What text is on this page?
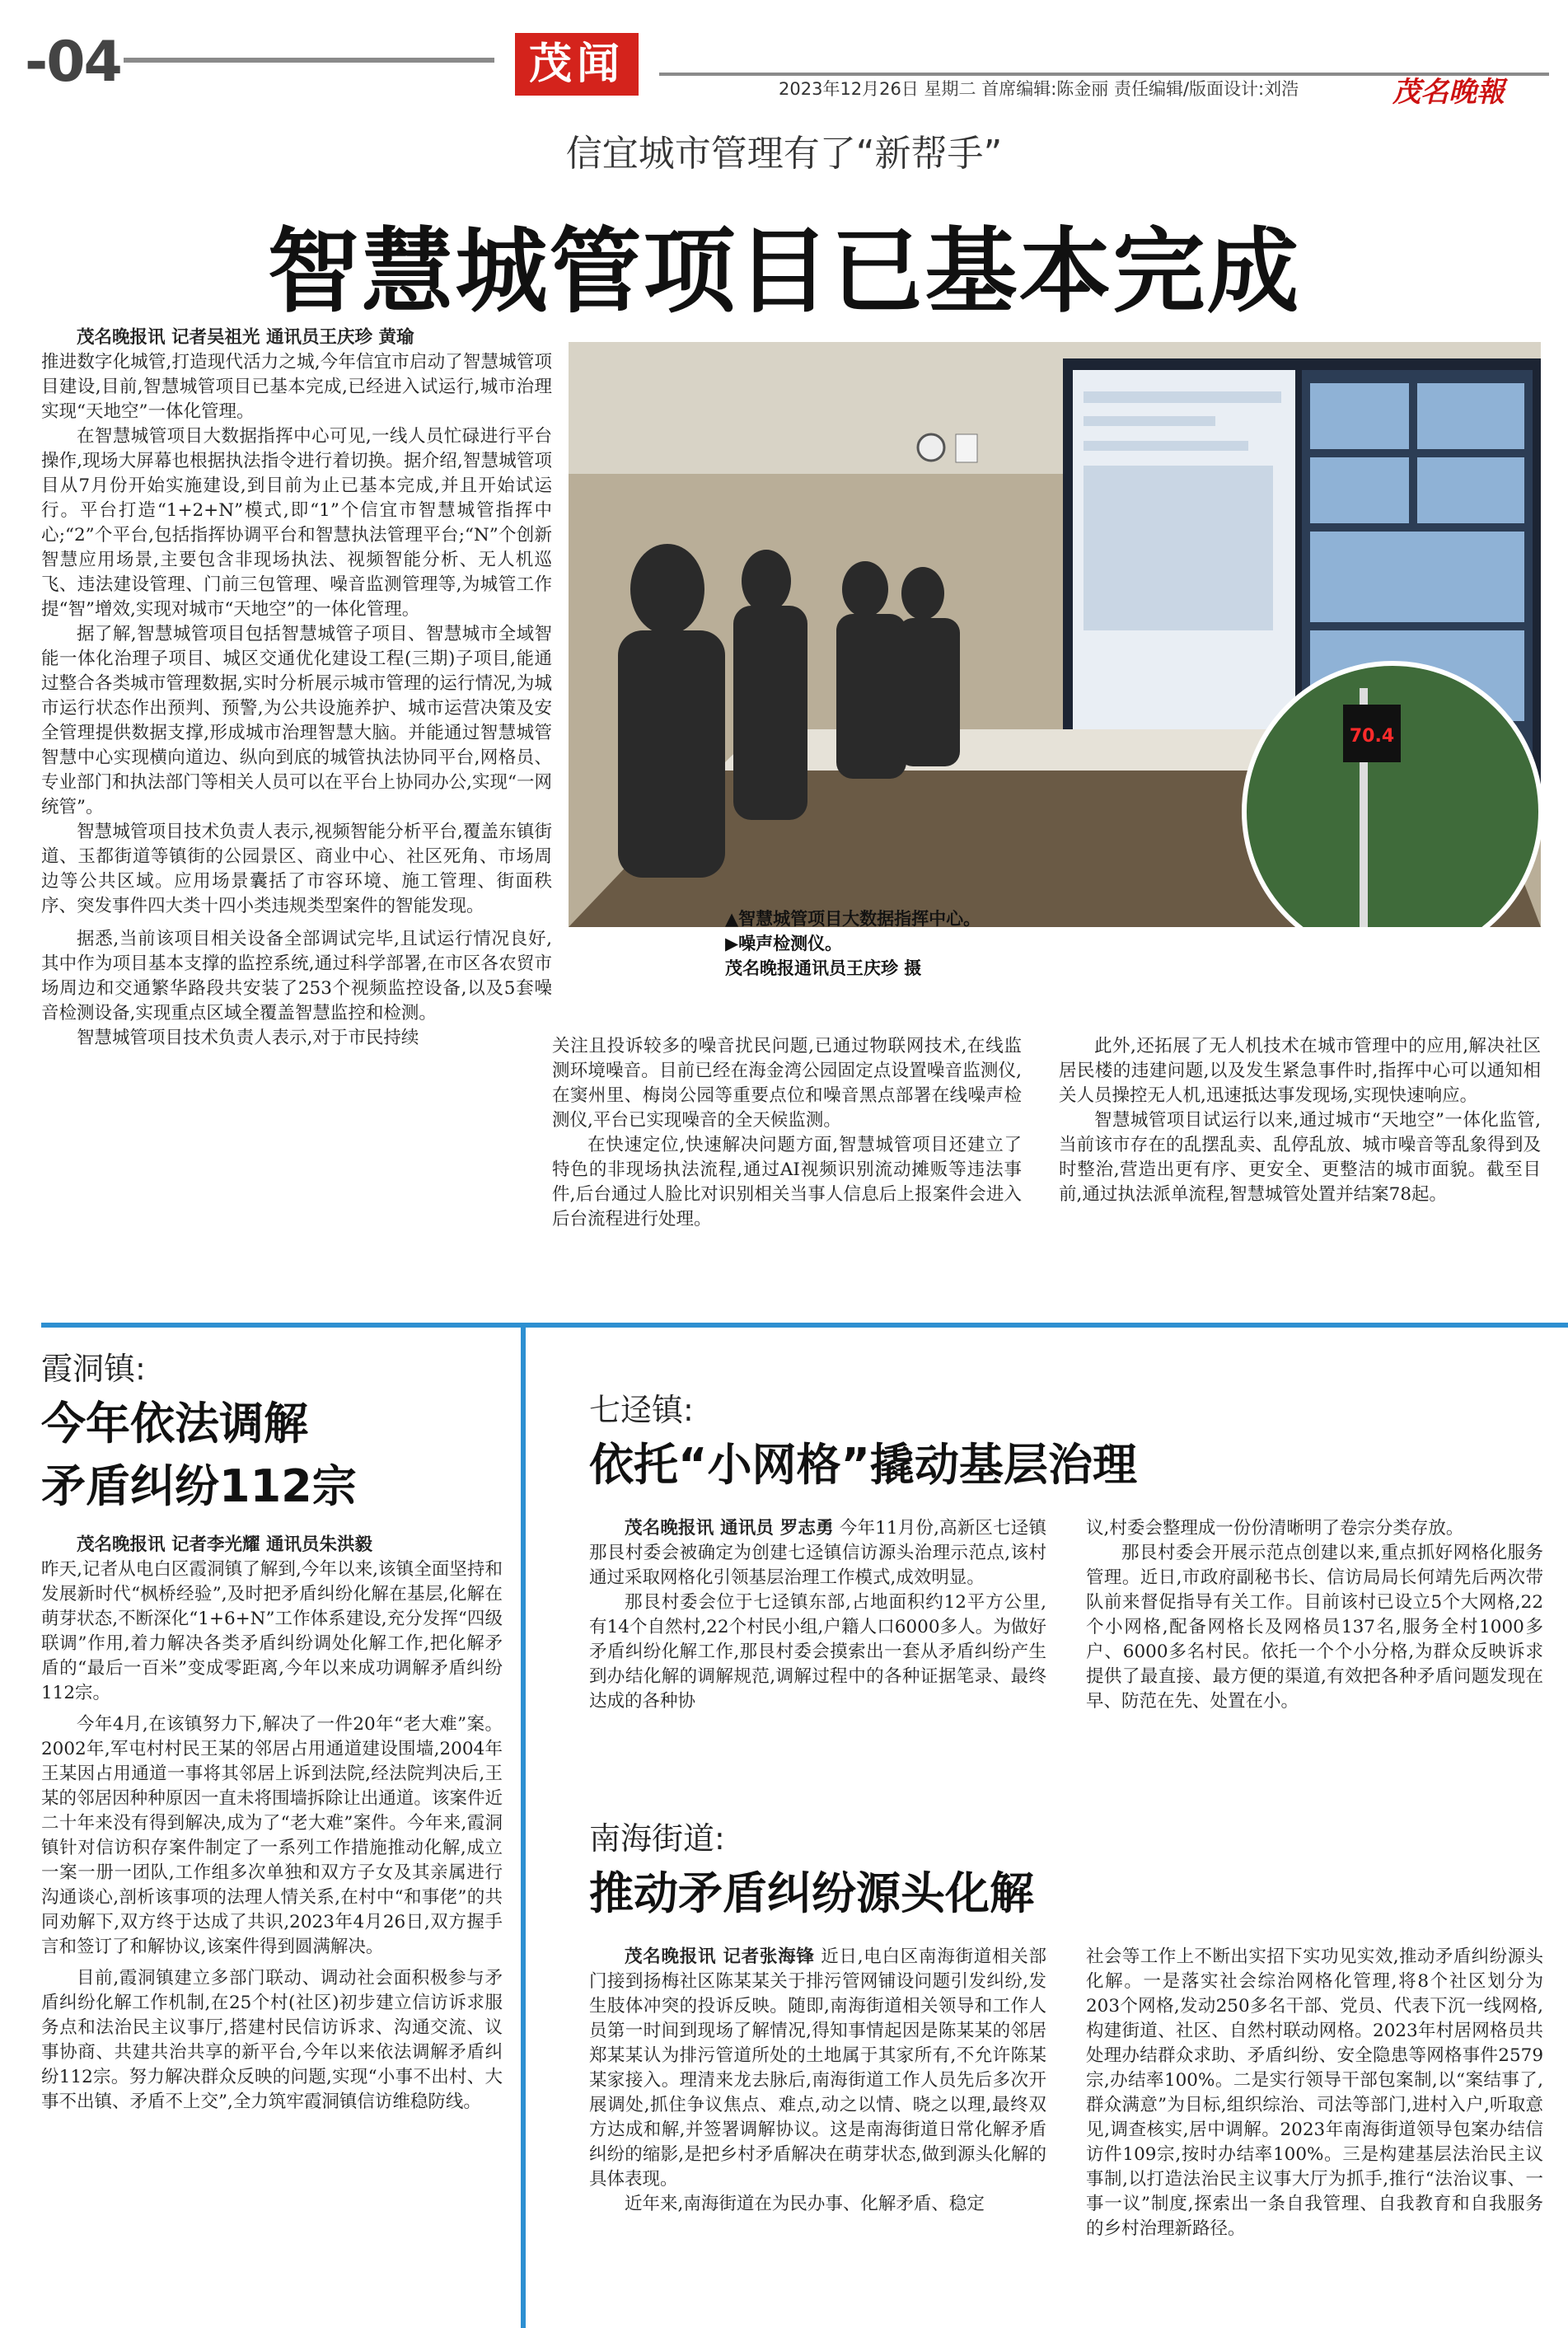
-04	茂闻	2023年12月26日 星期二 首席编辑:陈金丽 责任编辑/版面设计:刘浩	茂名晚報
信宜城市管理有了“新帮手”
智慧城管项目已基本完成

茂名晚报讯 记者吴祖光 通讯员王庆珍 黄瑜

推进数字化城管,打造现代活力之城,今年信宜市启动了智慧城管项目建设,目前,智慧城管项目已基本完成,已经进入试运行,城市治理实现“天地空”一体化管理。

在智慧城管项目大数据指挥中心可见,一线人员忙碌进行平台操作,现场大屏幕也根据执法指令进行着切换。据介绍,智慧城管项目从7月份开始实施建设,到目前为止已基本完成,并且开始试运行。平台打造“1+2+N”模式,即“1”个信宜市智慧城管指挥中心;“2”个平台,包括指挥协调平台和智慧执法管理平台;“N”个创新智慧应用场景,主要包含非现场执法、视频智能分析、无人机巡飞、违法建设管理、门前三包管理、噪音监测管理等,为城管工作提“智”增效,实现对城市“天地空”的一体化管理。

据了解,智慧城管项目包括智慧城管子项目、智慧城市全域智能一体化治理子项目、城区交通优化建设工程(三期)子项目,能通过整合各类城市管理数据,实时分析展示城市管理的运行情况,为城市运行状态作出预判、预警,为公共设施养护、城市运营决策及安全管理提供数据支撑,形成城市治理智慧大脑。并能通过智慧城管智慧中心实现横向道边、纵向到底的城管执法协同平台,网格员、专业部门和执法部门等相关人员可以在平台上协同办公,实现“一网统管”。

智慧城管项目技术负责人表示,视频智能分析平台,覆盖东镇街道、玉都街道等镇街的公园景区、商业中心、社区死角、市场周边等公共区域。应用场景囊括了市容环境、施工管理、街面秩序、突发事件四大类十四小类违规类型案件的智能发现。

据悉,当前该项目相关设备全部调试完毕,且试运行情况良好,其中作为项目基本支撑的监控系统,通过科学部署,在市区各农贸市场周边和交通繁华路段共安装了253个视频监控设备,以及5套噪音检测设备,实现重点区域全覆盖智慧监控和检测。

智慧城管项目技术负责人表示,对于市民持续

70.4
▲智慧城管项目大数据指挥中心。
▶噪声检测仪。
茂名晚报通讯员王庆珍 摄

关注且投诉较多的噪音扰民问题,已通过物联网技术,在线监测环境噪音。目前已经在海金湾公园固定点设置噪音监测仪,在窦州里、梅岗公园等重要点位和噪音黑点部署在线噪声检测仪,平台已实现噪音的全天候监测。

在快速定位,快速解决问题方面,智慧城管项目还建立了特色的非现场执法流程,通过AI视频识别流动摊贩等违法事件,后台通过人脸比对识别相关当事人信息后上报案件会进入后台流程进行处理。

此外,还拓展了无人机技术在城市管理中的应用,解决社区居民楼的违建问题,以及发生紧急事件时,指挥中心可以通知相关人员操控无人机,迅速抵达事发现场,实现快速响应。

智慧城管项目试运行以来,通过城市“天地空”一体化监管,当前该市存在的乱摆乱卖、乱停乱放、城市噪音等乱象得到及时整治,营造出更有序、更安全、更整洁的城市面貌。截至目前,通过执法派单流程,智慧城管处置并结案78起。

霞洞镇:
今年依法调解
矛盾纠纷112宗

茂名晚报讯 记者李光耀 通讯员朱洪毅

昨天,记者从电白区霞洞镇了解到,今年以来,该镇全面坚持和发展新时代“枫桥经验”,及时把矛盾纠纷化解在基层,化解在萌芽状态,不断深化“1+6+N”工作体系建设,充分发挥“四级联调”作用,着力解决各类矛盾纠纷调处化解工作,把化解矛盾的“最后一百米”变成零距离,今年以来成功调解矛盾纠纷112宗。

今年4月,在该镇努力下,解决了一件20年“老大难”案。2002年,军屯村村民王某的邻居占用通道建设围墙,2004年王某因占用通道一事将其邻居上诉到法院,经法院判决后,王某的邻居因种种原因一直未将围墙拆除让出通道。该案件近二十年来没有得到解决,成为了“老大难”案件。今年来,霞洞镇针对信访积存案件制定了一系列工作措施推动化解,成立一案一册一团队,工作组多次单独和双方子女及其亲属进行沟通谈心,剖析该事项的法理人情关系,在村中“和事佬”的共同劝解下,双方终于达成了共识,2023年4月26日,双方握手言和签订了和解协议,该案件得到圆满解决。

目前,霞洞镇建立多部门联动、调动社会面积极参与矛盾纠纷化解工作机制,在25个村(社区)初步建立信访诉求服务点和法治民主议事厅,搭建村民信访诉求、沟通交流、议事协商、共建共治共享的新平台,今年以来依法调解矛盾纠纷112宗。努力解决群众反映的问题,实现“小事不出村、大事不出镇、矛盾不上交”,全力筑牢霞洞镇信访维稳防线。

七迳镇:
依托“小网格”撬动基层治理

茂名晚报讯 通讯员 罗志勇 今年11月份,高新区七迳镇那艮村委会被确定为创建七迳镇信访源头治理示范点,该村通过采取网格化引领基层治理工作模式,成效明显。

那艮村委会位于七迳镇东部,占地面积约12平方公里,有14个自然村,22个村民小组,户籍人口6000多人。为做好矛盾纠纷化解工作,那艮村委会摸索出一套从矛盾纠纷产生到办结化解的调解规范,调解过程中的各种证据笔录、最终达成的各种协

议,村委会整理成一份份清晰明了卷宗分类存放。

那艮村委会开展示范点创建以来,重点抓好网格化服务管理。近日,市政府副秘书长、信访局局长何靖先后两次带队前来督促指导有关工作。目前该村已设立5个大网格,22个小网格,配备网格长及网格员137名,服务全村1000多户、6000多名村民。依托一个个小分格,为群众反映诉求提供了最直接、最方便的渠道,有效把各种矛盾问题发现在早、防范在先、处置在小。

南海街道:
推动矛盾纠纷源头化解

茂名晚报讯 记者张海锋 近日,电白区南海街道相关部门接到扬梅社区陈某某关于排污管网铺设问题引发纠纷,发生肢体冲突的投诉反映。随即,南海街道相关领导和工作人员第一时间到现场了解情况,得知事情起因是陈某某的邻居郑某某认为排污管道所处的土地属于其家所有,不允许陈某某家接入。理清来龙去脉后,南海街道工作人员先后多次开展调处,抓住争议焦点、难点,动之以情、晓之以理,最终双方达成和解,并签署调解协议。这是南海街道日常化解矛盾纠纷的缩影,是把乡村矛盾解决在萌芽状态,做到源头化解的具体表现。

近年来,南海街道在为民办事、化解矛盾、稳定

社会等工作上不断出实招下实功见实效,推动矛盾纠纷源头化解。一是落实社会综治网格化管理,将8个社区划分为203个网格,发动250多名干部、党员、代表下沉一线网格,构建街道、社区、自然村联动网格。2023年村居网格员共处理办结群众求助、矛盾纠纷、安全隐患等网格事件2579宗,办结率100%。二是实行领导干部包案制,以“案结事了,群众满意”为目标,组织综治、司法等部门,进村入户,听取意见,调查核实,居中调解。2023年南海街道领导包案办结信访件109宗,按时办结率100%。三是构建基层法治民主议事制,以打造法治民主议事大厅为抓手,推行“法治议事、一事一议”制度,探索出一条自我管理、自我教育和自我服务的乡村治理新路径。
